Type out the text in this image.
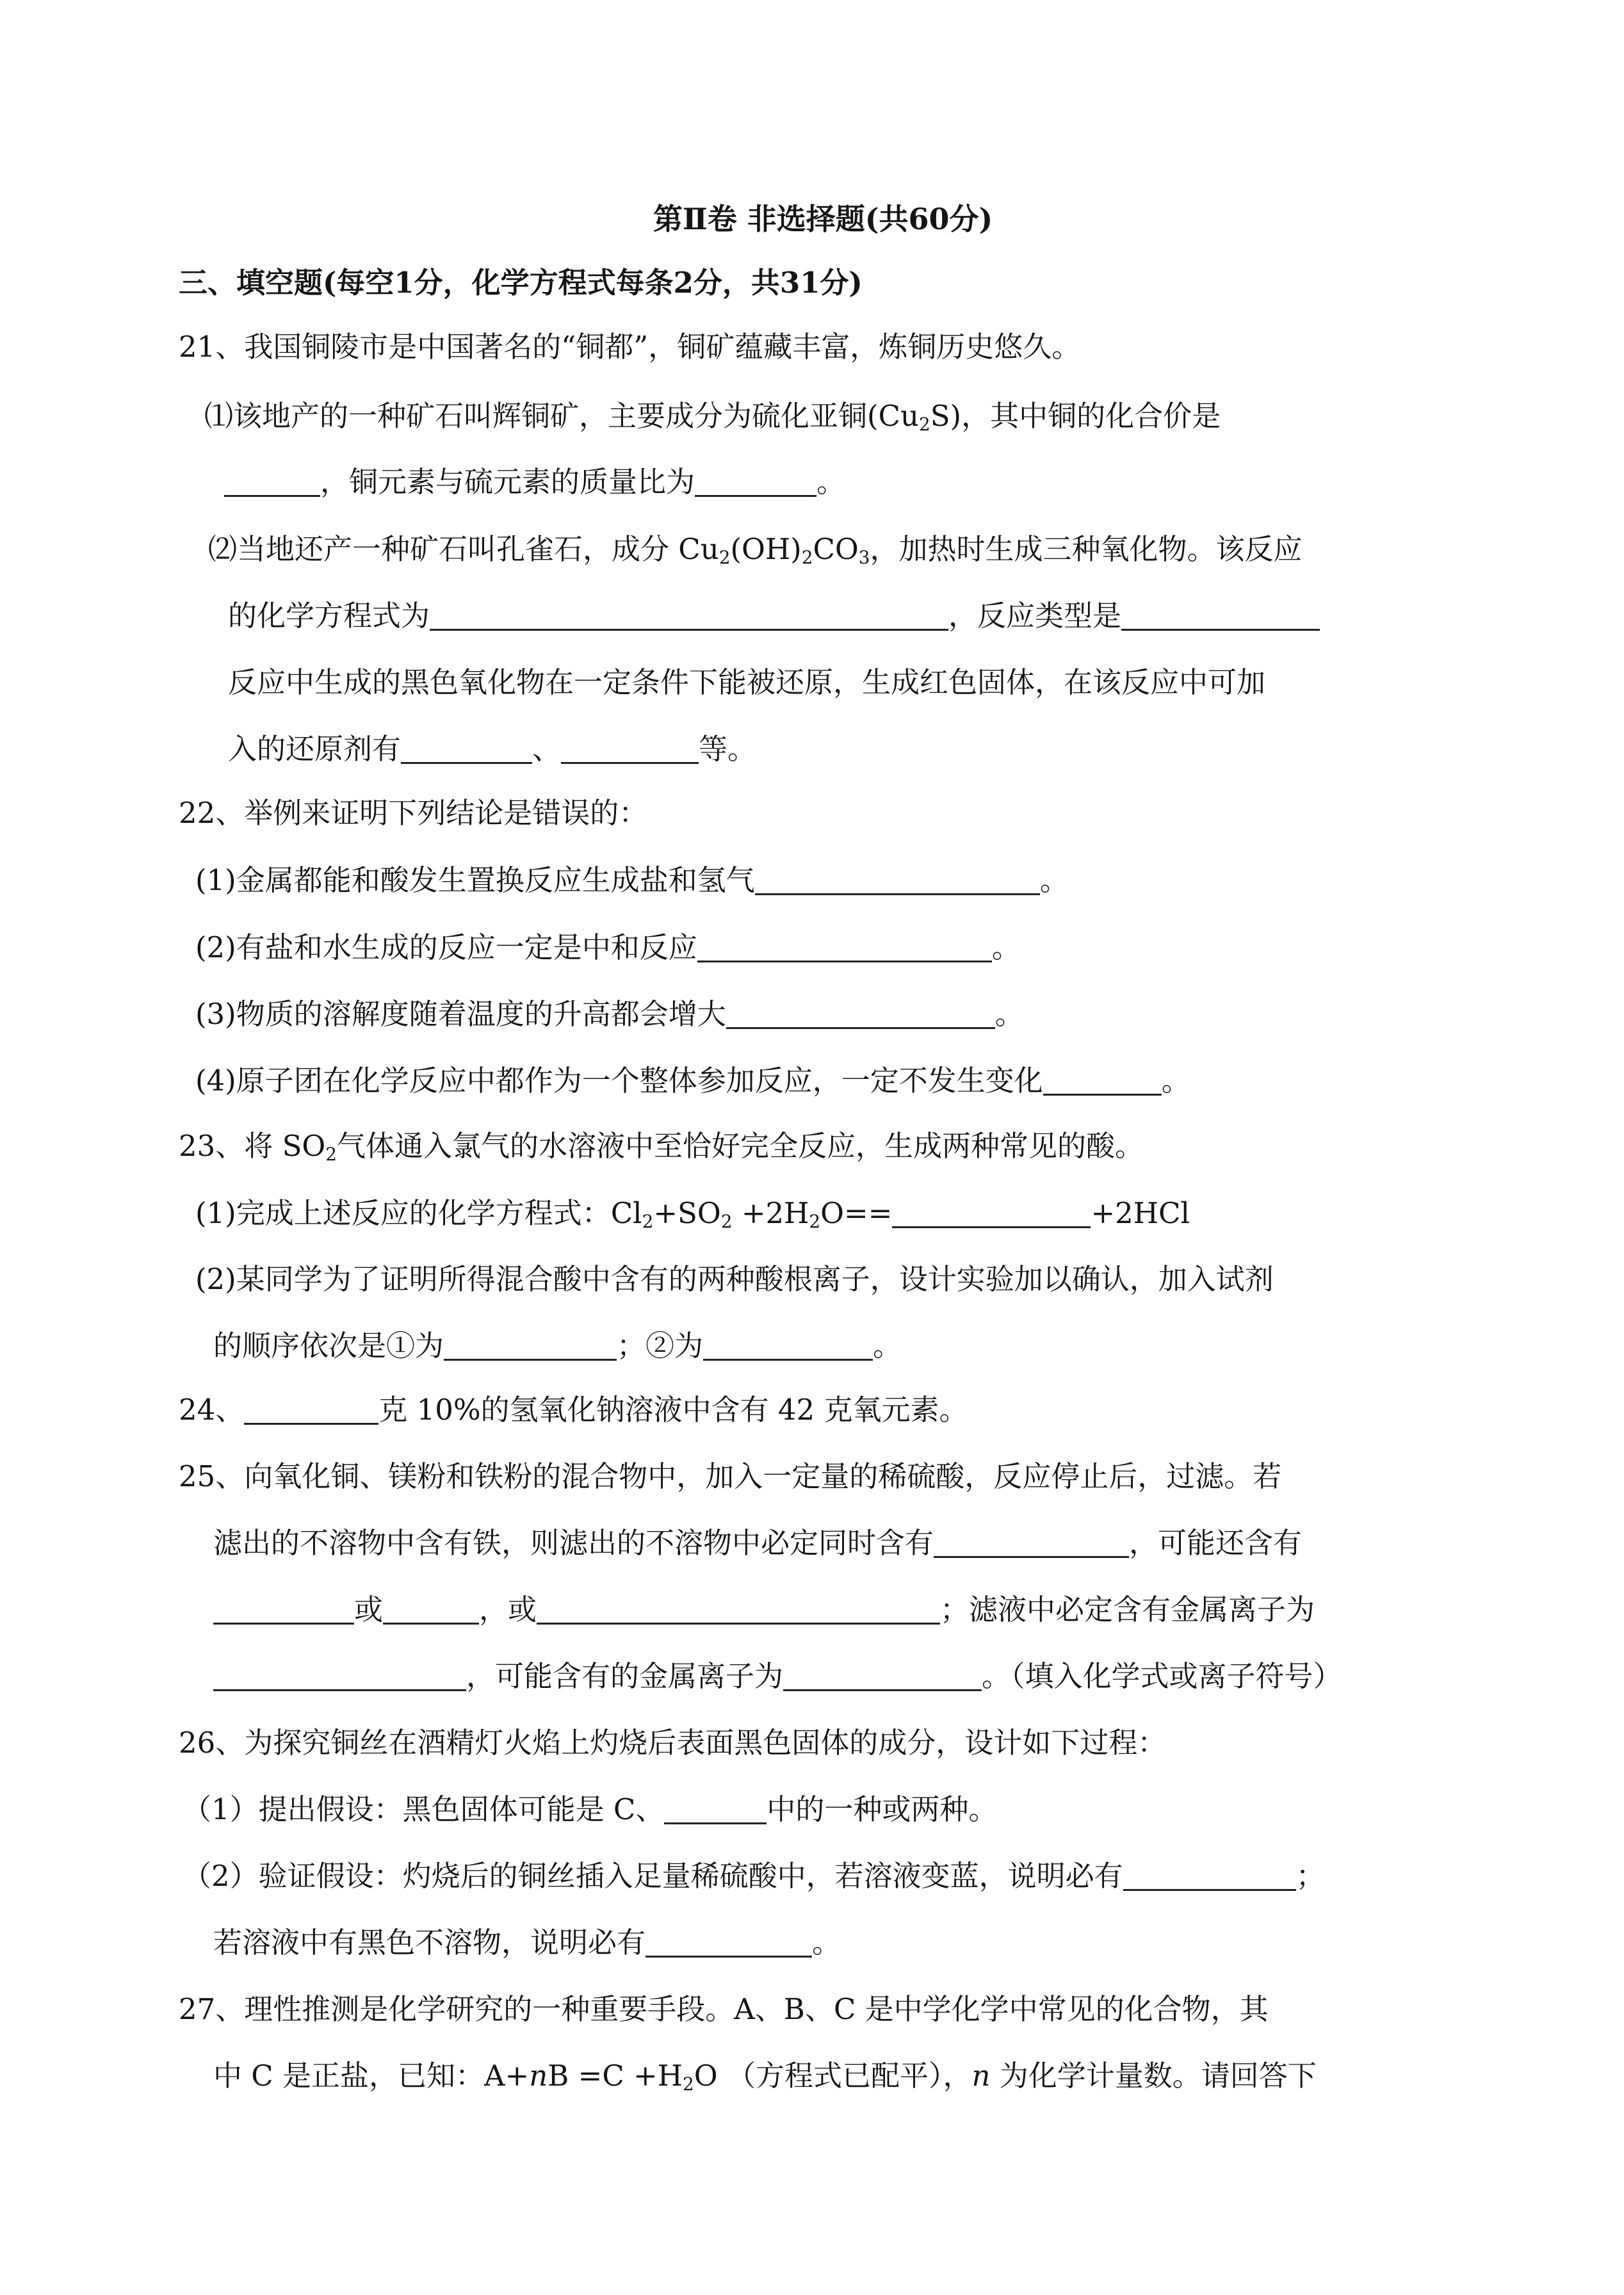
第Ⅱ卷 非选择题(共60分)
三、填空题(每空1分，化学方程式每条2分，共31分)
21、我国铜陵市是中国著名的“铜都”，铜矿蕴藏丰富，炼铜历史悠久。
⑴该地产的一种矿石叫辉铜矿，主要成分为硫化亚铜$(Cu_2S)$，其中铜的化合价是
，铜元素与硫元素的质量比为	。
⑵当地还产一种矿石叫孔雀石，成分 $Cu_2(OH)_2CO_3$，加热时生成三种氧化物。该反应
的化学方程式为	，反应类型是
反应中生成的黑色氧化物在一定条件下能被还原，生成红色固体，在该反应中可加
入的还原剂有	、	等。
22、举例来证明下列结论是错误的：
(1)金属都能和酸发生置换反应生成盐和氢气	。
(2)有盐和水生成的反应一定是中和反应	。
(3)物质的溶解度随着温度的升高都会增大	。
(4)原子团在化学反应中都作为一个整体参加反应，一定不发生变化	。
23、将 $SO_2$气体通入氯气的水溶液中至恰好完全反应，生成两种常见的酸。
(1)完成上述反应的化学方程式：$Cl_2+SO_2 +2H_2O==$	+2HCl
(2)某同学为了证明所得混合酸中含有的两种酸根离子，设计实验加以确认，加入试剂
的顺序依次是①为	；②为	。
24、	克 10%的氢氧化钠溶液中含有 42 克氧元素。
25、向氧化铜、镁粉和铁粉的混合物中，加入一定量的稀硫酸，反应停止后，过滤。若
滤出的不溶物中含有铁，则滤出的不溶物中必定同时含有	，可能还含有
或	，或	；滤液中必定含有金属离子为
，可能含有的金属离子为	。（填入化学式或离子符号）
26、为探究铜丝在酒精灯火焰上灼烧后表面黑色固体的成分，设计如下过程：
（1）提出假设：黑色固体可能是 C、	中的一种或两种。
（2）验证假设：灼烧后的铜丝插入足量稀硫酸中，若溶液变蓝，说明必有	；
若溶液中有黑色不溶物，说明必有	。
27、理性推测是化学研究的一种重要手段。A、B、C 是中学化学中常见的化合物，其
中 C 是正盐，已知：$A+nB =C +H_2O$ （方程式已配平），n 为化学计量数。请回答下
